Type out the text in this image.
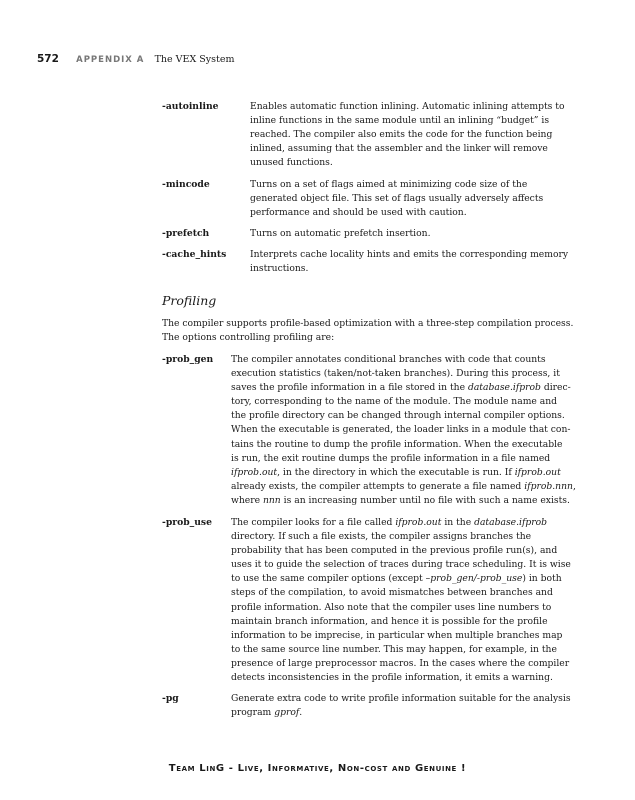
572 APPENDIX A The VEX System
-autoinline	Enables automatic function inlining. Automatic inlining attempts to
inline functions in the same module until an inlining “budget” is
reached. The compiler also emits the code for the function being
inlined, assuming that the assembler and the linker will remove
unused functions.

-mincode	Turns on a set of flags aimed at minimizing code size of the
generated object file. This set of flags usually adversely affects
performance and should be used with caution.

-prefetch	Turns on automatic prefetch insertion.

-cache_hints	Interprets cache locality hints and emits the corresponding memory
instructions.

Profiling

The compiler supports profile-based optimization with a three-step compilation process.
The options controlling profiling are:

-prob_gen The compiler annotates conditional branches with code that counts
execution statistics (taken/not-taken branches). During this process, it
saves the profile information in a file stored in the database.ifprob direc-
tory, corresponding to the name of the module. The module name and
the profile directory can be changed through internal compiler options.
When the executable is generated, the loader links in a module that con-
tains the routine to dump the profile information. When the executable
is run, the exit routine dumps the profile information in a file named
ifprob.out, in the directory in which the executable is run. If ifprob.out
already exists, the compiler attempts to generate a file named ifprob.nnn,
where nnn is an increasing number until no file with such a name exists.

-prob_use The compiler looks for a file called ifprob.out in the database.ifprob
directory. If such a file exists, the compiler assigns branches the
probability that has been computed in the previous profile run(s), and
uses it to guide the selection of traces during trace scheduling. It is wise
to use the same compiler options (except –prob_gen/-prob_use) in both
steps of the compilation, to avoid mismatches between branches and
profile information. Also note that the compiler uses line numbers to
maintain branch information, and hence it is possible for the profile
information to be imprecise, in particular when multiple branches map
to the same source line number. This may happen, for example, in the
presence of large preprocessor macros. In the cases where the compiler
detects inconsistencies in the profile information, it emits a warning.

-pg	Generate extra code to write profile information suitable for the analysis
program gprof.

Team LinG - Live, Informative, Non-cost and Genuine !
